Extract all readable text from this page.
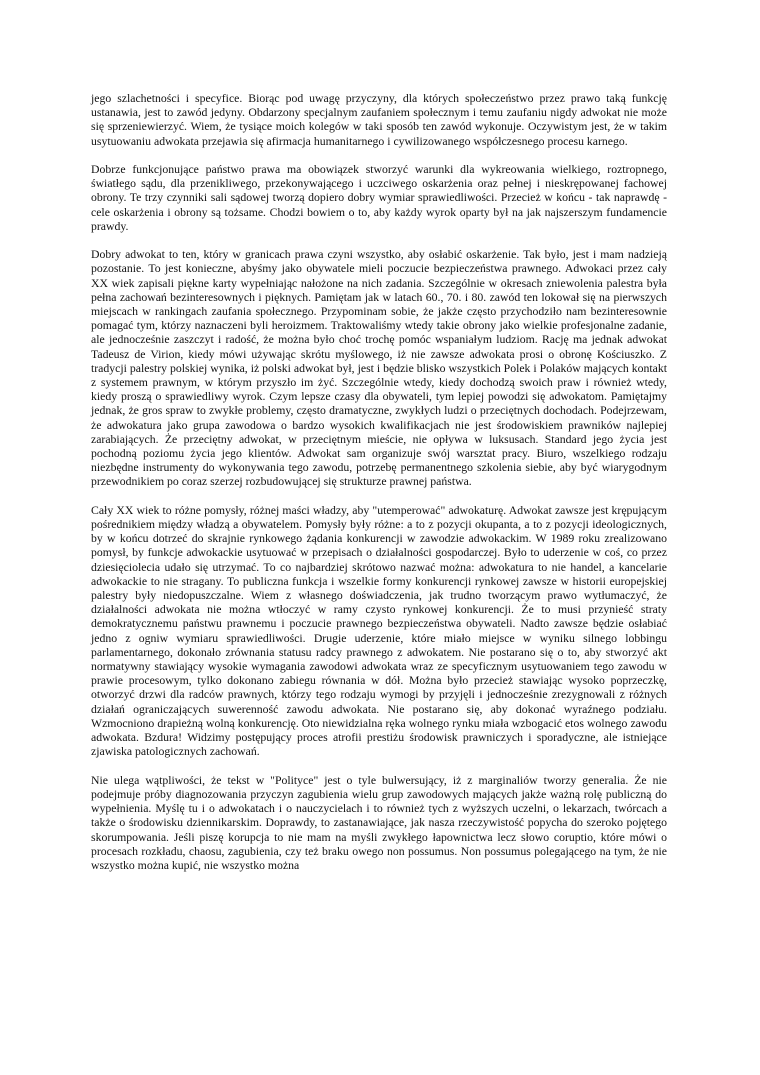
jego szlachetności i specyfice. Biorąc pod uwagę przyczyny, dla których społeczeństwo przez prawo taką funkcję ustanawia, jest to zawód jedyny. Obdarzony specjalnym zaufaniem społecznym i temu zaufaniu nigdy adwokat nie może się sprzeniewierzyć. Wiem, że tysiące moich kolegów w taki sposób ten zawód wykonuje. Oczywistym jest, że w takim usytuowaniu adwokata przejawia się afirmacja humanitarnego i cywilizowanego współczesnego procesu karnego.

Dobrze funkcjonujące państwo prawa ma obowiązek stworzyć warunki dla wykreowania wielkiego, roztropnego, światłego sądu, dla przenikliwego, przekonywającego i uczciwego oskarżenia oraz pełnej i nieskrępowanej fachowej obrony. Te trzy czynniki sali sądowej tworzą dopiero dobry wymiar sprawiedliwości. Przecież w końcu - tak naprawdę - cele oskarżenia i obrony są tożsame. Chodzi bowiem o to, aby każdy wyrok oparty był na jak najszerszym fundamencie prawdy.

Dobry adwokat to ten, który w granicach prawa czyni wszystko, aby osłabić oskarżenie. Tak było, jest i mam nadzieją pozostanie. To jest konieczne, abyśmy jako obywatele mieli poczucie bezpieczeństwa prawnego. Adwokaci przez cały XX wiek zapisali piękne karty wypełniając nałożone na nich zadania. Szczególnie w okresach zniewolenia palestra była pełna zachowań bezinteresownych i pięknych. Pamiętam jak w latach 60., 70. i 80. zawód ten lokował się na pierwszych miejscach w rankingach zaufania społecznego. Przypominam sobie, że jakże często przychodziło nam bezinteresownie pomagać tym, którzy naznaczeni byli heroizmem. Traktowaliśmy wtedy takie obrony jako wielkie profesjonalne zadanie, ale jednocześnie zaszczyt i radość, że można było choć trochę pomóc wspaniałym ludziom. Rację ma jednak adwokat Tadeusz de Virion, kiedy mówi używając skrótu myślowego, iż nie zawsze adwokata prosi o obronę Kościuszko. Z tradycji palestry polskiej wynika, iż polski adwokat był, jest i będzie blisko wszystkich Polek i Polaków mających kontakt z systemem prawnym, w którym przyszło im żyć. Szczególnie wtedy, kiedy dochodzą swoich praw i również wtedy, kiedy proszą o sprawiedliwy wyrok. Czym lepsze czasy dla obywateli, tym lepiej powodzi się adwokatom. Pamiętajmy jednak, że gros spraw to zwykłe problemy, często dramatyczne, zwykłych ludzi o przeciętnych dochodach. Podejrzewam, że adwokatura jako grupa zawodowa o bardzo wysokich kwalifikacjach nie jest środowiskiem prawników najlepiej zarabiających. Że przeciętny adwokat, w przeciętnym mieście, nie opływa w luksusach. Standard jego życia jest pochodną poziomu życia jego klientów. Adwokat sam organizuje swój warsztat pracy. Biuro, wszelkiego rodzaju niezbędne instrumenty do wykonywania tego zawodu, potrzebę permanentnego szkolenia siebie, aby być wiarygodnym przewodnikiem po coraz szerzej rozbudowującej się strukturze prawnej państwa.

Cały XX wiek to różne pomysły, różnej maści władzy, aby "utemperować" adwokaturę. Adwokat zawsze jest krępującym pośrednikiem między władzą a obywatelem. Pomysły były różne: a to z pozycji okupanta, a to z pozycji ideologicznych, by w końcu dotrzeć do skrajnie rynkowego żądania konkurencji w zawodzie adwokackim. W 1989 roku zrealizowano pomysł, by funkcje adwokackie usytuować w przepisach o działalności gospodarczej. Było to uderzenie w coś, co przez dziesięciolecia udało się utrzymać. To co najbardziej skrótowo nazwać można: adwokatura to nie handel, a kancelarie adwokackie to nie stragany. To publiczna funkcja i wszelkie formy konkurencji rynkowej zawsze w historii europejskiej palestry były niedopuszczalne. Wiem z własnego doświadczenia, jak trudno tworzącym prawo wytłumaczyć, że działalności adwokata nie można wtłoczyć w ramy czysto rynkowej konkurencji. Że to musi przynieść straty demokratycznemu państwu prawnemu i poczucie prawnego bezpieczeństwa obywateli. Nadto zawsze będzie osłabiać jedno z ogniw wymiaru sprawiedliwości. Drugie uderzenie, które miało miejsce w wyniku silnego lobbingu parlamentarnego, dokonało zrównania statusu radcy prawnego z adwokatem. Nie postarano się o to, aby stworzyć akt normatywny stawiający wysokie wymagania zawodowi adwokata wraz ze specyficznym usytuowaniem tego zawodu w prawie procesowym, tylko dokonano zabiegu równania w dół. Można było przecież stawiając wysoko poprzeczkę, otworzyć drzwi dla radców prawnych, którzy tego rodzaju wymogi by przyjęli i jednocześnie zrezygnowali z różnych działań ograniczających suwerenność zawodu adwokata. Nie postarano się, aby dokonać wyraźnego podziału. Wzmocniono drapieżną wolną konkurencję. Oto niewidzialna ręka wolnego rynku miała wzbogacić etos wolnego zawodu adwokata. Bzdura! Widzimy postępujący proces atrofii prestiżu środowisk prawniczych i sporadyczne, ale istniejące zjawiska patologicznych zachowań.

Nie ulega wątpliwości, że tekst w "Polityce" jest o tyle bulwersujący, iż z marginaliów tworzy generalia. Że nie podejmuje próby diagnozowania przyczyn zagubienia wielu grup zawodowych mających jakże ważną rolę publiczną do wypełnienia. Myślę tu i o adwokatach i o nauczycielach i to również tych z wyższych uczelni, o lekarzach, twórcach a także o środowisku dziennikarskim. Doprawdy, to zastanawiające, jak nasza rzeczywistość popycha do szeroko pojętego skorumpowania. Jeśli piszę korupcja to nie mam na myśli zwykłego łapownictwa lecz słowo coruptio, które mówi o procesach rozkładu, chaosu, zagubienia, czy też braku owego non possumus. Non possumus polegającego na tym, że nie wszystko można kupić, nie wszystko można
